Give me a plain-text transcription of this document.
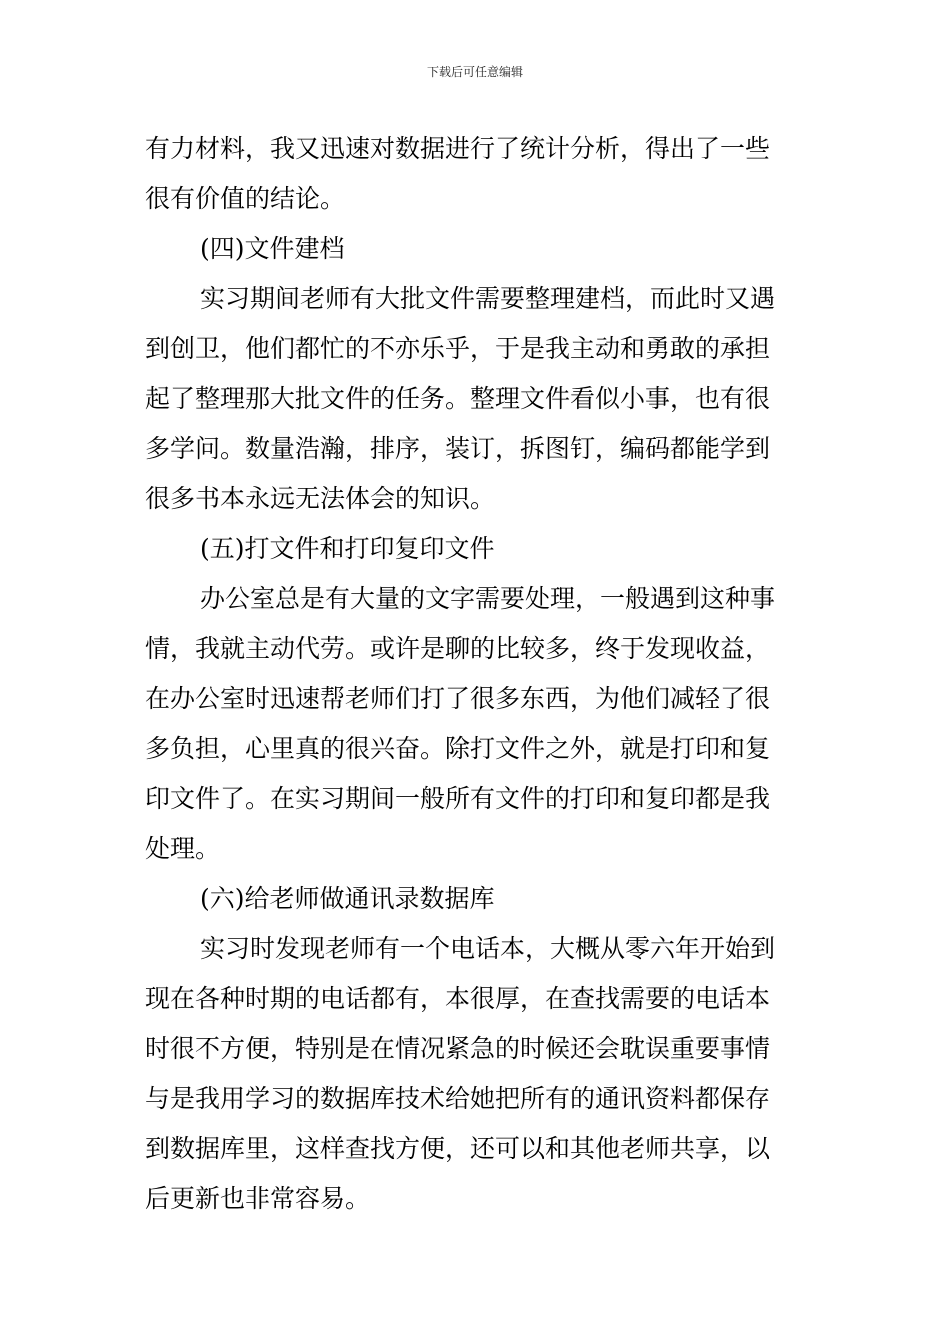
下载后可任意编辑
有力材料，我又迅速对数据进行了统计分析，得出了一些
很有价值的结论。
(四)文件建档
实习期间老师有大批文件需要整理建档，而此时又遇
到创卫，他们都忙的不亦乐乎，于是我主动和勇敢的承担
起了整理那大批文件的任务。整理文件看似小事，也有很
多学问。数量浩瀚，排序，装订，拆图钉，编码都能学到
很多书本永远无法体会的知识。
(五)打文件和打印复印文件
办公室总是有大量的文字需要处理，一般遇到这种事
情，我就主动代劳。或许是聊的比较多，终于发现收益，
在办公室时迅速帮老师们打了很多东西，为他们减轻了很
多负担，心里真的很兴奋。除打文件之外，就是打印和复
印文件了。在实习期间一般所有文件的打印和复印都是我
处理。
(六)给老师做通讯录数据库
实习时发现老师有一个电话本，大概从零六年开始到
现在各种时期的电话都有，本很厚，在查找需要的电话本
时很不方便，特别是在情况紧急的时候还会耽误重要事情
与是我用学习的数据库技术给她把所有的通讯资料都保存
到数据库里，这样查找方便，还可以和其他老师共享，以
后更新也非常容易。
